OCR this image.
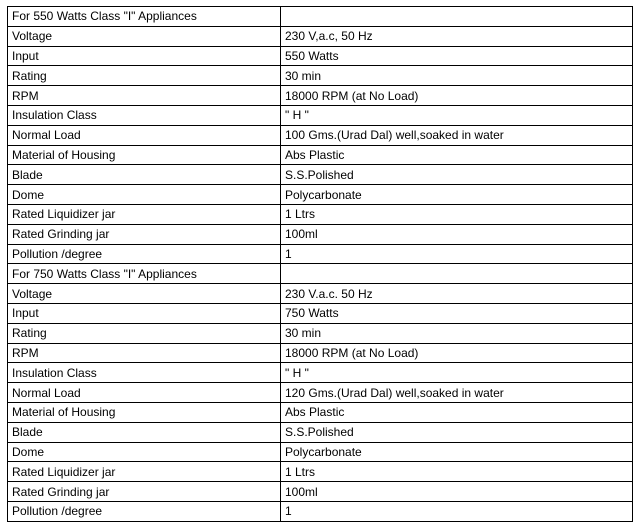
For 550 Watts Class "I" Appliances	
Voltage	230 V,a.c, 50 Hz
Input	550 Watts
Rating	30 min
RPM	18000 RPM (at No Load)
Insulation Class	" H "
Normal Load	100 Gms.(Urad Dal) well,soaked in water
Material of Housing	Abs Plastic
Blade	S.S.Polished
Dome	Polycarbonate
Rated Liquidizer jar	1 Ltrs
Rated Grinding jar	100ml
Pollution /degree	1
For 750 Watts Class "I" Appliances	
Voltage	230 V.a.c. 50 Hz
Input	750 Watts
Rating	30 min
RPM	18000 RPM (at No Load)
Insulation Class	" H "
Normal Load	120 Gms.(Urad Dal) well,soaked in water
Material of Housing	Abs Plastic
Blade	S.S.Polished
Dome	Polycarbonate
Rated Liquidizer jar	1 Ltrs
Rated Grinding jar	100ml
Pollution /degree	1
